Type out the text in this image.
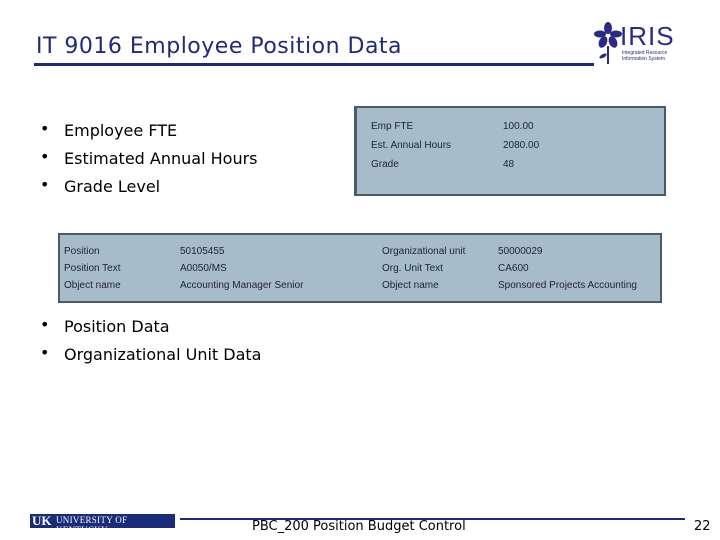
IT 9016 Employee Position Data	IRIS
Integrated Resource Information System
• Employee FTE
• Estimated Annual Hours
• Grade Level
Emp FTE	100.00
Est. Annual Hours	2080.00
Grade	48
Position	50105455	Organizational unit	50000029
Position Text	A0050/MS	Org. Unit Text	CA600
Object name	Accounting Manager Senior	Object name	Sponsored Projects Accounting
• Position Data
• Organizational Unit Data
UK UNIVERSITY OF KENTUCKY	PBC_200 Position Budget Control	22
